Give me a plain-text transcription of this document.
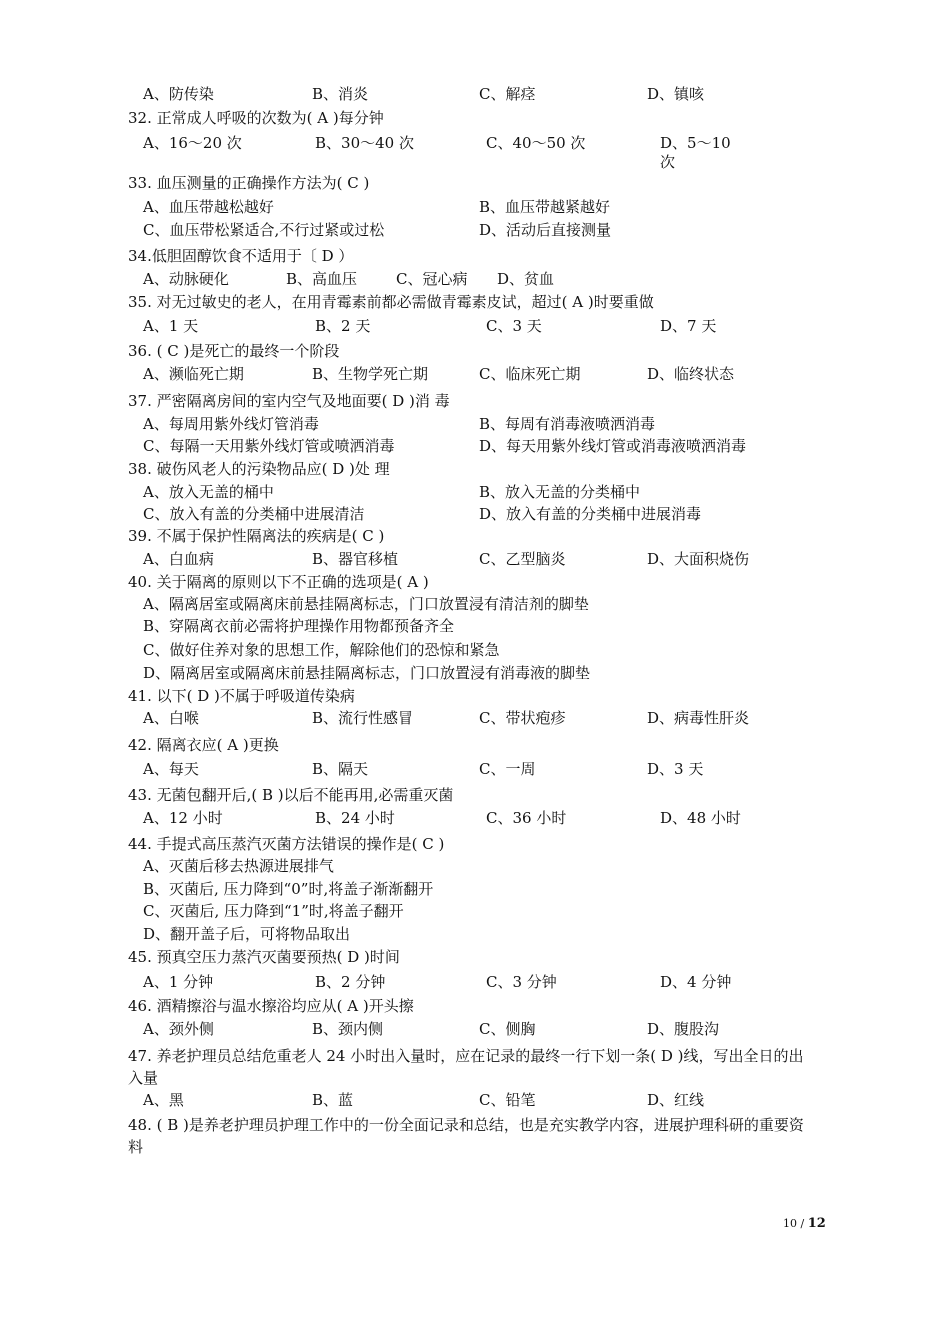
A、防传染	B、消炎	C、解痉	D、镇咳
32. 正常成人呼吸的次数为( A )每分钟
A、16～20 次	B、30～40 次	C、40～50 次	D、5～10
次
33. 血压测量的正确操作方法为( C )
A、血压带越松越好	B、血压带越紧越好
C、血压带松紧适合,不行过紧或过松	D、活动后直接测量
34.低胆固醇饮食不适用于〔 D ）
A、动脉硬化	B、高血压	C、冠心病 D、贫血
35. 对无过敏史的老人，在用青霉素前都必需做青霉素皮试，超过( A )时要重做
A、1 天	B、2 天	C、3 天	D、7 天
36. ( C )是死亡的最终一个阶段
A、濒临死亡期	B、生物学死亡期	C、临床死亡期	D、临终状态
37. 严密隔离房间的室内空气及地面要( D )消 毒
A、每周用紫外线灯管消毒	B、每周有消毒液喷洒消毒
C、每隔一天用紫外线灯管或喷洒消毒	D、每天用紫外线灯管或消毒液喷洒消毒
38. 破伤风老人的污染物品应( D )处 理
A、放入无盖的桶中	B、放入无盖的分类桶中
C、放入有盖的分类桶中进展清洁	D、放入有盖的分类桶中进展消毒
39. 不属于保护性隔离法的疾病是( C )
A、白血病	B、器官移植	C、乙型脑炎	D、大面积烧伤
40. 关于隔离的原则以下不正确的选项是( A )
A、隔离居室或隔离床前悬挂隔离标志，门口放置浸有清洁剂的脚垫
B、穿隔离衣前必需将护理操作用物都预备齐全
C、做好住养对象的思想工作，解除他们的恐惊和紧急
D、隔离居室或隔离床前悬挂隔离标志，门口放置浸有消毒液的脚垫
41. 以下( D )不属于呼吸道传染病
A、白喉	B、流行性感冒	C、带状疱疹	D、病毒性肝炎
42. 隔离衣应( A )更换
A、每天	B、隔天	C、一周	D、3 天
43. 无菌包翻开后,( B )以后不能再用,必需重灭菌
A、12 小时	B、24 小时	C、36 小时	D、48 小时
44. 手提式高压蒸汽灭菌方法错误的操作是( C )
A、灭菌后移去热源进展排气
B、灭菌后, 压力降到“0”时,将盖子渐渐翻开
C、灭菌后, 压力降到“1”时,将盖子翻开
D、翻开盖子后，可将物品取出
45. 预真空压力蒸汽灭菌要预热( D )时间
A、1 分钟	B、2 分钟	C、3 分钟	D、4 分钟
46. 酒精擦浴与温水擦浴均应从( A )开头擦
A、颈外侧	B、颈内侧	C、侧胸	D、腹股沟
47. 养老护理员总结危重老人 24 小时出入量时，应在记录的最终一行下划一条( D )线，写出全日的出入量
A、黑	B、蓝	C、铅笔	D、红线
48. ( B )是养老护理员护理工作中的一份全面记录和总结，也是充实教学内容，进展护理科研的重要资料
10 / 12
